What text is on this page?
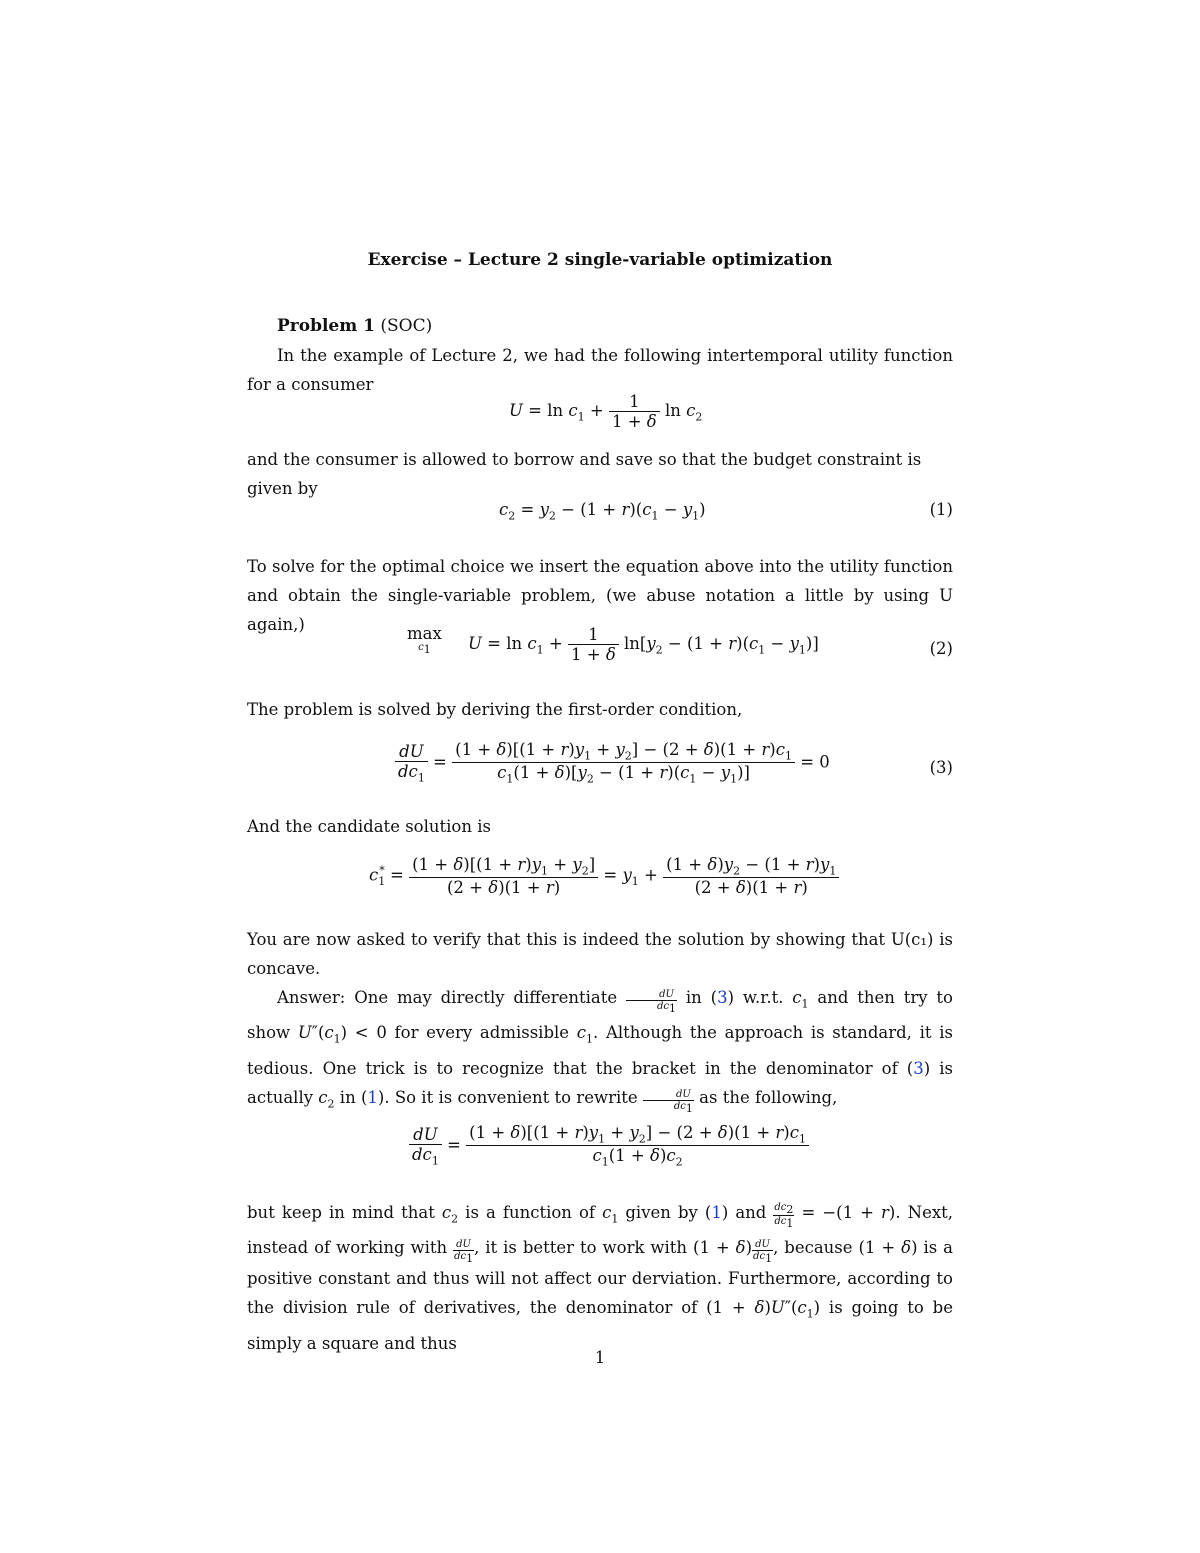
Exercise – Lecture 2 single-variable optimization
Problem 1 (SOC)
In the example of Lecture 2, we had the following intertemporal utility function for a consumer
$U = \ln c_1 + \frac{1}{1 + \delta}$ $\ln c_2$
and the consumer is allowed to borrow and save so that the budget constraint is given by
$c_2 = y_2 - (1 + r)(c_1 - y_1)$	(1)
To solve for the optimal choice we insert the equation above into the utility function and obtain the single-variable problem, (we abuse notation a little by using U again,)	max
$c_1$	$U = \ln c_1 + \frac{1}{1 + \delta} \ln[y_2 - (1 + r)(c_1 - y_1)]$	(2)
The problem is solved by deriving the first-order condition,
$\frac{dU}{dc_1} = \frac{(1 + \delta)[(1 + r)y_1 + y_2] - (2 + \delta)(1 + r)c_1}{c_1(1 + \delta)[y_2 - (1 + r)(c_1 - y_1)]} = 0$	(3)
And the candidate solution is
$c_1^* = \frac{(1 + \delta)[(1 + r)y_1 + y_2]}{(2 + \delta)(1 + r)} = y_1 + \frac{(1 + \delta)y_2 - (1 + r)y_1}{(2 + \delta)(1 + r)}$
You are now asked to verify that this is indeed the solution by showing that U(c₁) is concave.
Answer: One may directly differentiate $\frac{dU}{dc_1}$ in (3) w.r.t. $c_1$ and then try to show $U''(c_1) < 0$ for every admissible $c_1$. Although the approach is standard, it is tedious. One trick is to recognize that the bracket in the denominator of (3) is actually $c_2$ in (1). So it is convenient to rewrite $\frac{dU}{dc_1}$ as the following,
$\frac{dU}{dc_1} = \frac{(1 + \delta)[(1 + r)y_1 + y_2] - (2 + \delta)(1 + r)c_1}{c_1(1 + \delta)c_2}$
but keep in mind that $c_2$ is a function of $c_1$ given by (1) and $\frac{dc_2}{dc_1} = -(1 + r)$. Next, instead of working with $\frac{dU}{dc_1}$ , it is better to work with $(1 + \delta) \frac{dU}{dc_1}$ , because (1 + δ) is a positive constant and thus will not affect our derviation. Furthermore, according to the division rule of derivatives, the denominator of $(1 + \delta)U''(c_1)$ is going to be simply a square and thus
1
